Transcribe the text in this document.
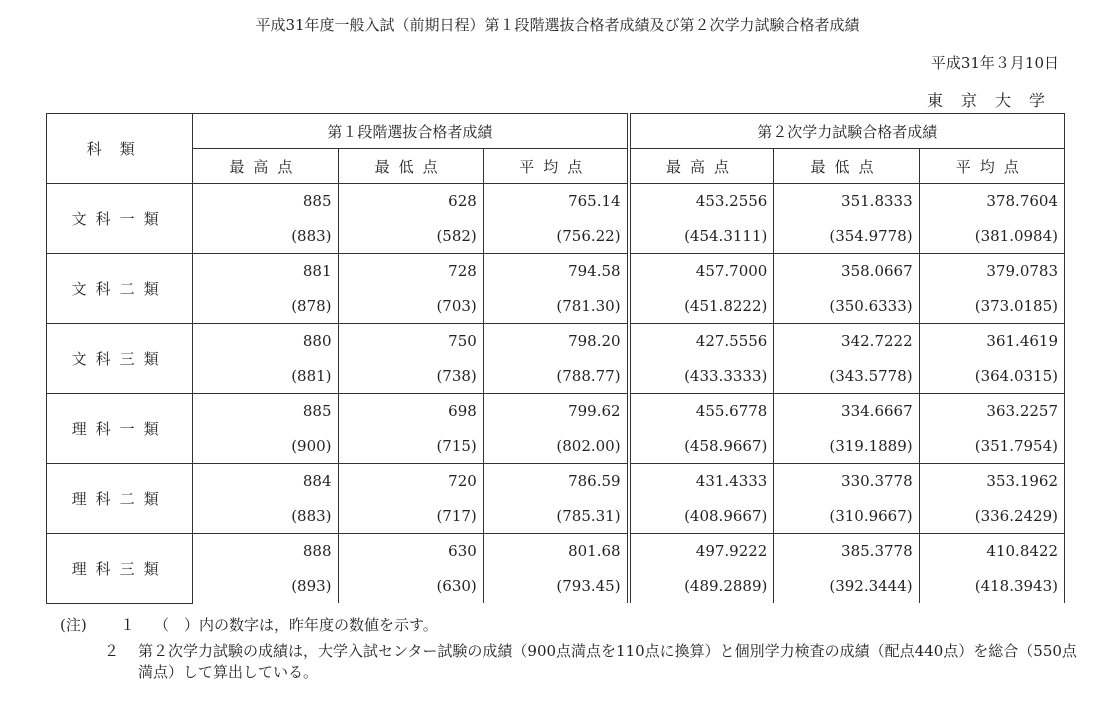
平成31年度一般入試（前期日程）第１段階選抜合格者成績及び第２次学力試験合格者成績
平成31年３月10日
東京大学
科類	第１段階選抜合格者成績			第２次学力試験合格者成績		
	最高点	最低点	平均点	最高点	最低点	平均点
文科一類	885	628	765.14	453.2556	351.8333	378.7604
	(883)	(582)	(756.22)	(454.3111)	(354.9778)	(381.0984)
文科二類	881	728	794.58	457.7000	358.0667	379.0783
	(878)	(703)	(781.30)	(451.8222)	(350.6333)	(373.0185)
文科三類	880	750	798.20	427.5556	342.7222	361.4619
	(881)	(738)	(788.77)	(433.3333)	(343.5778)	(364.0315)
理科一類	885	698	799.62	455.6778	334.6667	363.2257
	(900)	(715)	(802.00)	(458.9667)	(319.1889)	(351.7954)
理科二類	884	720	786.59	431.4333	330.3778	353.1962
	(883)	(717)	(785.31)	(408.9667)	(310.9667)	(336.2429)
理科三類	888	630	801.68	497.9222	385.3778	410.8422
	(893)	(630)	(793.45)	(489.2889)	(392.3444)	(418.3943)
(注)	１	（　）内の数字は，昨年度の数値を示す。
２ 第２次学力試験の成績は，大学入試センター試験の成績（900点満点を110点に換算）と個別学力検査の成績（配点440点）を総合（550点満点）して算出している。
